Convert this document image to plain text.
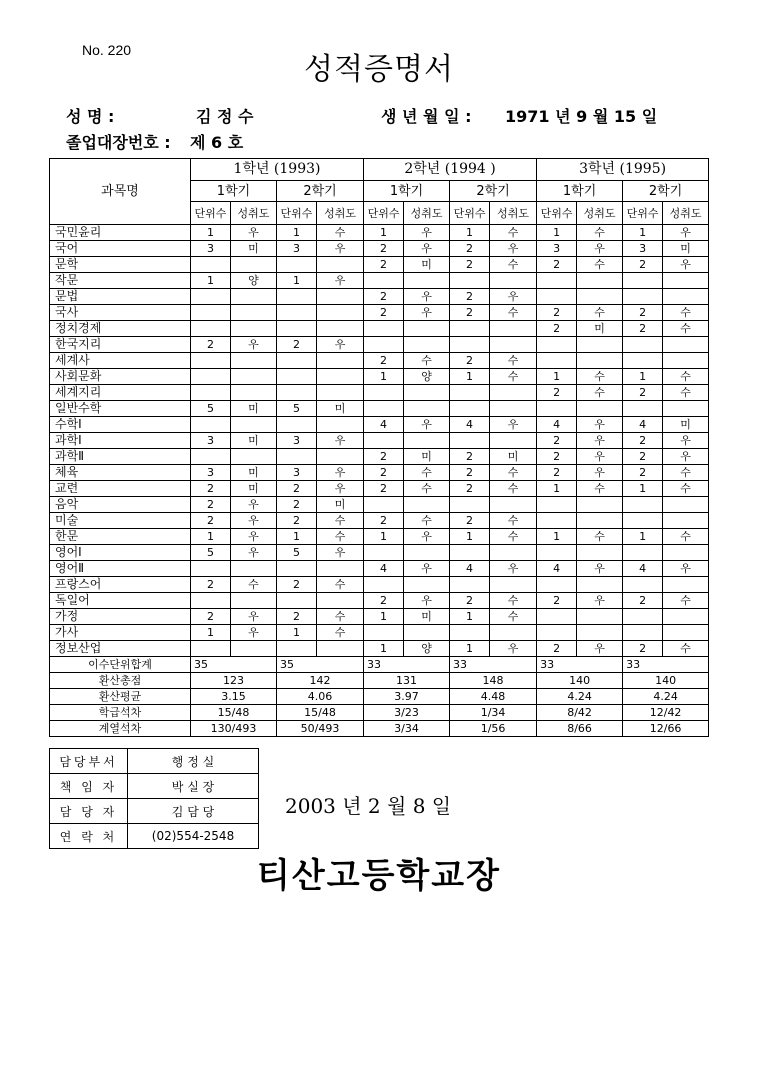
No. 220
성적증명서
성 명 :	김 정 수	생 년 월 일 : 1971 년 9 월 15 일
졸업대장번호 : 제 6 호
과목명	1학년 (1993)				2학년 (1994 )				3학년 (1995)			
	1학기		2학기		1학기		2학기		1학기		2학기	
	단위수	성취도	단위수	성취도	단위수	성취도	단위수	성취도	단위수	성취도	단위수	성취도
국민윤리	1	우	1	수	1	우	1	수	1	수	1	우
국어	3	미	3	우	2	우	2	우	3	우	3	미
문학					2	미	2	수	2	수	2	우
작문	1	양	1	우								
문법					2	우	2	우				
국사					2	우	2	수	2	수	2	수
정치경제									2	미	2	수
한국지리	2	우	2	우								
세계사					2	수	2	수				
사회문화					1	양	1	수	1	수	1	수
세계지리									2	수	2	수
일반수학	5	미	5	미								
수학Ⅰ					4	우	4	우	4	우	4	미
과학Ⅰ	3	미	3	우					2	우	2	우
과학Ⅱ					2	미	2	미	2	우	2	우
체육	3	미	3	우	2	수	2	수	2	우	2	수
교련	2	미	2	우	2	수	2	수	1	수	1	수
음악	2	우	2	미								
미술	2	우	2	수	2	수	2	수				
한문	1	우	1	수	1	우	1	수	1	수	1	수
영어Ⅰ	5	우	5	우								
영어Ⅱ					4	우	4	우	4	우	4	우
프랑스어	2	수	2	수								
독일어					2	우	2	수	2	우	2	수
가정	2	우	2	수	1	미	1	수				
가사	1	우	1	수								
정보산업					1	양	1	우	2	우	2	수
이수단위합계	35		35		33		33		33		33	
환산총점	123		142		131		148		140		140	
환산평균	3.15		4.06		3.97		4.48		4.24		4.24	
학급석차	15/48		15/48		3/23		1/34		8/42		12/42	
계열석차	130/493		50/493		3/34		1/56		8/66		12/66	
담당부서	행 정 실
책 임 자	박 실 장
담 당 자	김 담 당
연 락 처	(02)554-2548
2003 년 2 월 8 일
티산고등학교장
